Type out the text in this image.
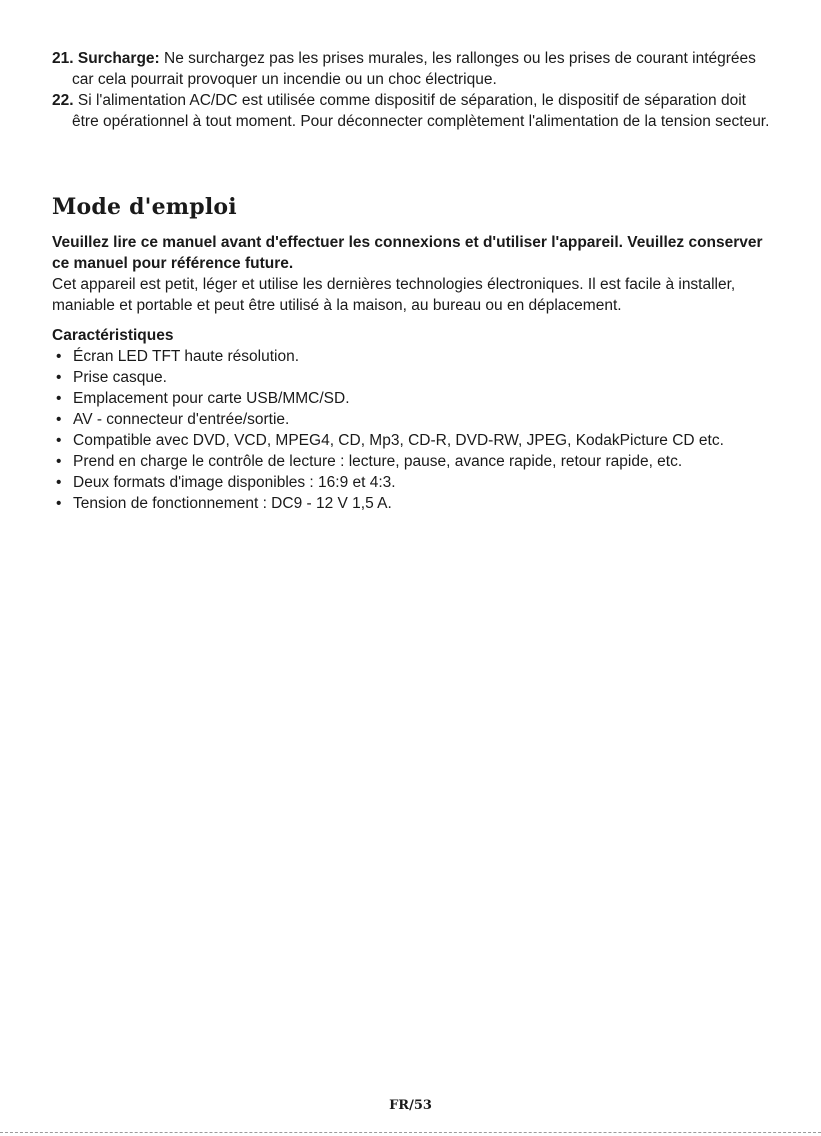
21. Surcharge: Ne surchargez pas les prises murales, les rallonges ou les prises de courant intégrées car cela pourrait provoquer un incendie ou un choc électrique.

22. Si l'alimentation AC/DC est utilisée comme dispositif de séparation, le dispositif de séparation doit être opérationnel à tout moment. Pour déconnecter complètement l'alimentation de la tension secteur.

Mode d'emploi

Veuillez lire ce manuel avant d'effectuer les connexions et d'utiliser l'appareil. Veuillez conserver ce manuel pour référence future.

Cet appareil est petit, léger et utilise les dernières technologies électroniques. Il est facile à installer, maniable et portable et peut être utilisé à la maison, au bureau ou en déplacement.

Caractéristiques

• Écran LED TFT haute résolution.
• Prise casque.
• Emplacement pour carte USB/MMC/SD.
• AV - connecteur d'entrée/sortie.
• Compatible avec DVD, VCD, MPEG4, CD, Mp3, CD-R, DVD-RW, JPEG, KodakPicture CD etc.
• Prend en charge le contrôle de lecture : lecture, pause, avance rapide, retour rapide, etc.
• Deux formats d'image disponibles : 16:9 et 4:3.
• Tension de fonctionnement : DC9 - 12 V 1,5 A.
FR/53
